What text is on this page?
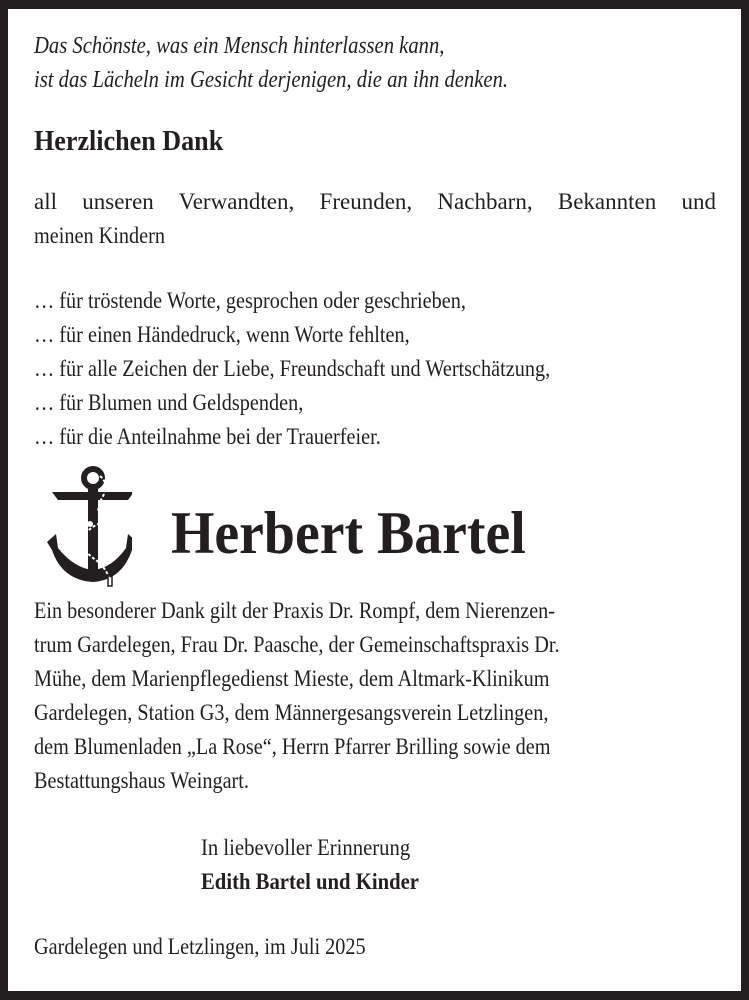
Das Schönste, was ein Mensch hinterlassen kann,
ist das Lächeln im Gesicht derjenigen, die an ihn denken.
Herzlichen Dank
all unseren Verwandten, Freunden, Nachbarn, Bekannten und
meinen Kindern
… für tröstende Worte, gesprochen oder geschrieben,
… für einen Händedruck, wenn Worte fehlten,
… für alle Zeichen der Liebe, Freundschaft und Wertschätzung,
… für Blumen und Geldspenden,
… für die Anteilnahme bei der Trauerfeier.
Herbert Bartel
Ein besonderer Dank gilt der Praxis Dr. Rompf, dem Nierenzen-
trum Gardelegen, Frau Dr. Paasche, der Gemeinschaftspraxis Dr.
Mühe, dem Marienpflegedienst Mieste, dem Altmark-Klinikum
Gardelegen, Station G3, dem Männergesangsverein Letzlingen,
dem Blumenladen „La Rose“, Herrn Pfarrer Brilling sowie dem
Bestattungshaus Weingart.
In liebevoller Erinnerung
Edith Bartel und Kinder
Gardelegen und Letzlingen, im Juli 2025
